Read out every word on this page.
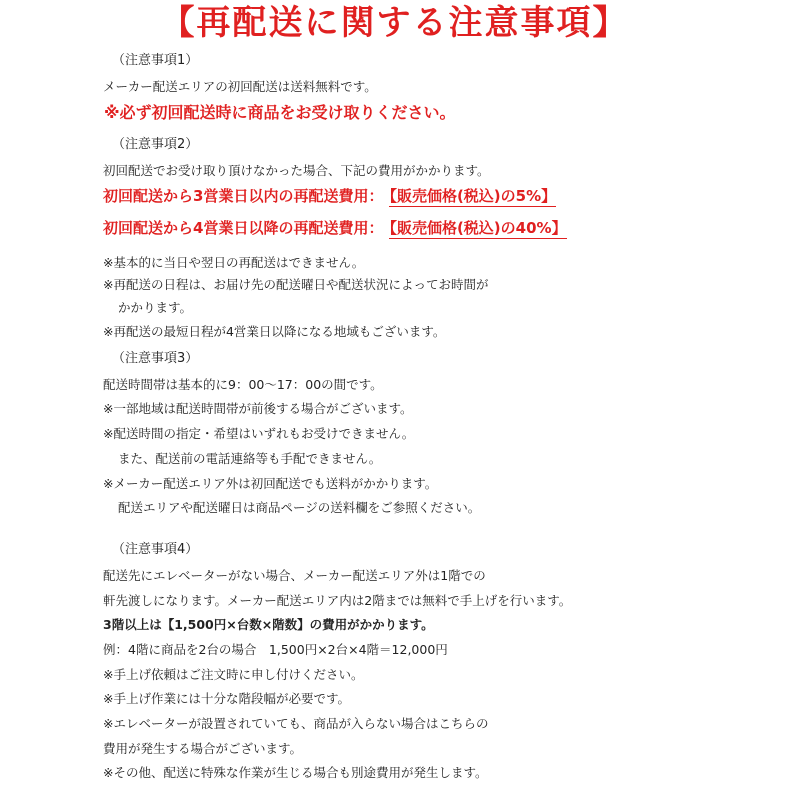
【再配送に関する注意事項】
（注意事項1）
メーカー配送エリアの初回配送は送料無料です。
※必ず初回配送時に商品をお受け取りください。
（注意事項2）
初回配送でお受け取り頂けなかった場合、下記の費用がかかります。
初回配送から3営業日以内の再配送費用： 【販売価格(税込)の5%】
初回配送から4営業日以降の再配送費用： 【販売価格(税込)の40%】
※基本的に当日や翌日の再配送はできません。
※再配送の日程は、お届け先の配送曜日や配送状況によってお時間が
かかります。
※再配送の最短日程が4営業日以降になる地域もございます。
（注意事項3）
配送時間帯は基本的に9：00～17：00の間です。
※一部地域は配送時間帯が前後する場合がございます。
※配送時間の指定・希望はいずれもお受けできません。
また、配送前の電話連絡等も手配できません。
※メーカー配送エリア外は初回配送でも送料がかかります。
配送エリアや配送曜日は商品ページの送料欄をご参照ください。
（注意事項4）
配送先にエレベーターがない場合、メーカー配送エリア外は1階での
軒先渡しになります。メーカー配送エリア内は2階までは無料で手上げを行います。
3階以上は【1,500円×台数×階数】の費用がかかります。
例：4階に商品を2台の場合　1,500円×2台×4階＝12,000円
※手上げ依頼はご注文時に申し付けください。
※手上げ作業には十分な階段幅が必要です。
※エレベーターが設置されていても、商品が入らない場合はこちらの
費用が発生する場合がございます。
※その他、配送に特殊な作業が生じる場合も別途費用が発生します。
